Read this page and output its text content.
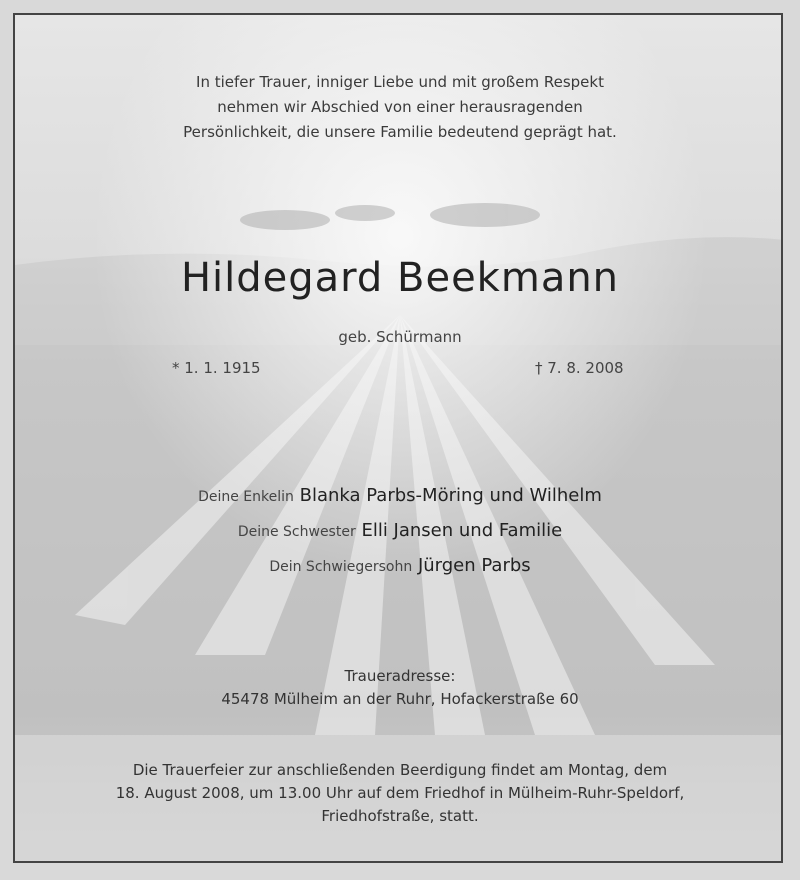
In tiefer Trauer, inniger Liebe und mit großem Respekt
nehmen wir Abschied von einer herausragenden
Persönlichkeit, die unsere Familie bedeutend geprägt hat.
Hildegard Beekmann
geb. Schürmann
* 1. 1. 1915	† 7. 8. 2008
Deine Enkelin Blanka Parbs-Möring und Wilhelm
Deine Schwester Elli Jansen und Familie
Dein Schwiegersohn Jürgen Parbs
Traueradresse:
45478 Mülheim an der Ruhr, Hofackerstraße 60
Die Trauerfeier zur anschließenden Beerdigung findet am Montag, dem
18. August 2008, um 13.00 Uhr auf dem Friedhof in Mülheim-Ruhr-Speldorf,
Friedhofstraße, statt.
